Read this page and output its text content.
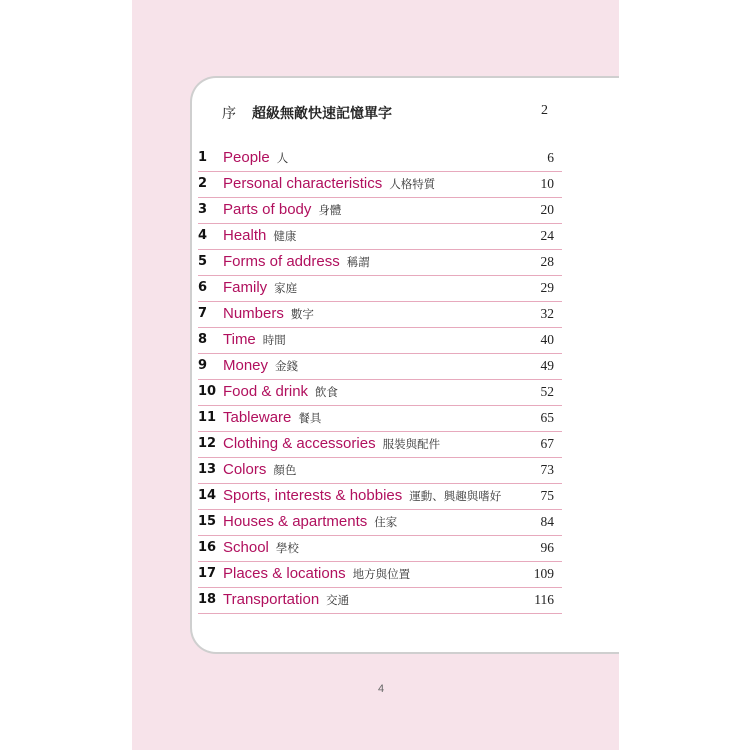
序 超級無敵快速記憶單字	2
1 People 人	6
2 Personal characteristics 人格特質	10
3 Parts of body 身體	20
4 Health 健康	24
5 Forms of address 稱謂	28
6 Family 家庭	29
7 Numbers 數字	32
8 Time 時間	40
9 Money 金錢	49
10 Food & drink 飲食	52
11 Tableware 餐具	65
12 Clothing & accessories 服裝與配件	67
13 Colors 顏色	73
14 Sports, interests & hobbies 運動、興趣與嗜好	75
15 Houses & apartments 住家	84
16 School 學校	96
17 Places & locations 地方與位置	109
18 Transportation 交通	116
4
